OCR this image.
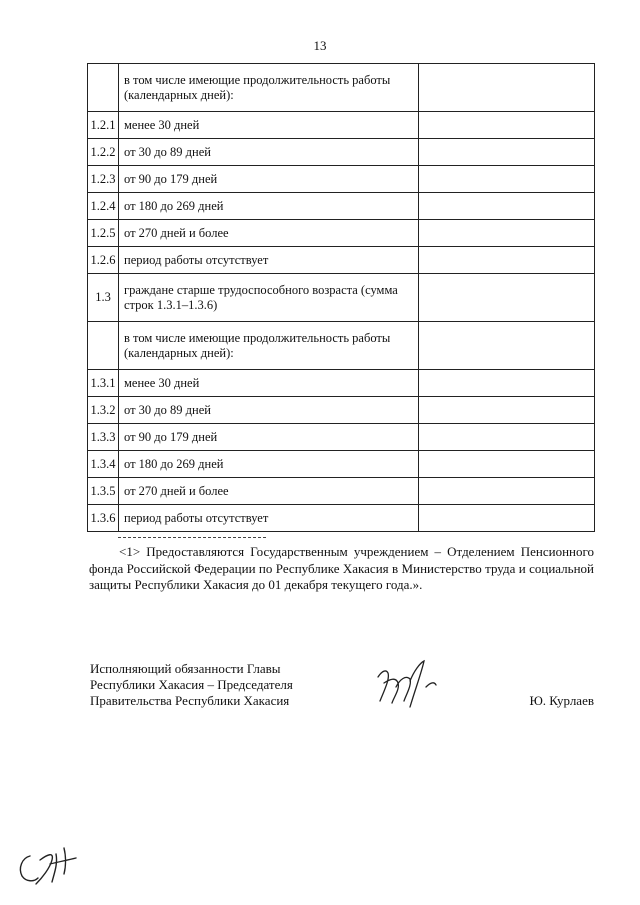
13
	в том числе имеющие продолжительность работы (календарных дней):	
1.2.1	менее 30 дней	
1.2.2	от 30 до 89 дней	
1.2.3	от 90 до 179 дней	
1.2.4	от 180 до 269 дней	
1.2.5	от 270 дней и более	
1.2.6	период работы отсутствует	
1.3	граждане старше трудоспособного возраста (сумма строк 1.3.1–1.3.6)	
	в том числе имеющие продолжительность работы (календарных дней):	
1.3.1	менее 30 дней	
1.3.2	от 30 до 89 дней	
1.3.3	от 90 до 179 дней	
1.3.4	от 180 до 269 дней	
1.3.5	от 270 дней и более	
1.3.6	период работы отсутствует	
<1> Предоставляются Государственным учреждением – Отделением Пенсионного фонда Российской Федерации по Республике Хакасия в Министерство труда и социальной защиты Республики Хакасия до 01 декабря текущего года.».
Исполняющий обязанности Главы
Республики Хакасия – Председателя
Правительства Республики Хакасия	Ю. Курлаев
